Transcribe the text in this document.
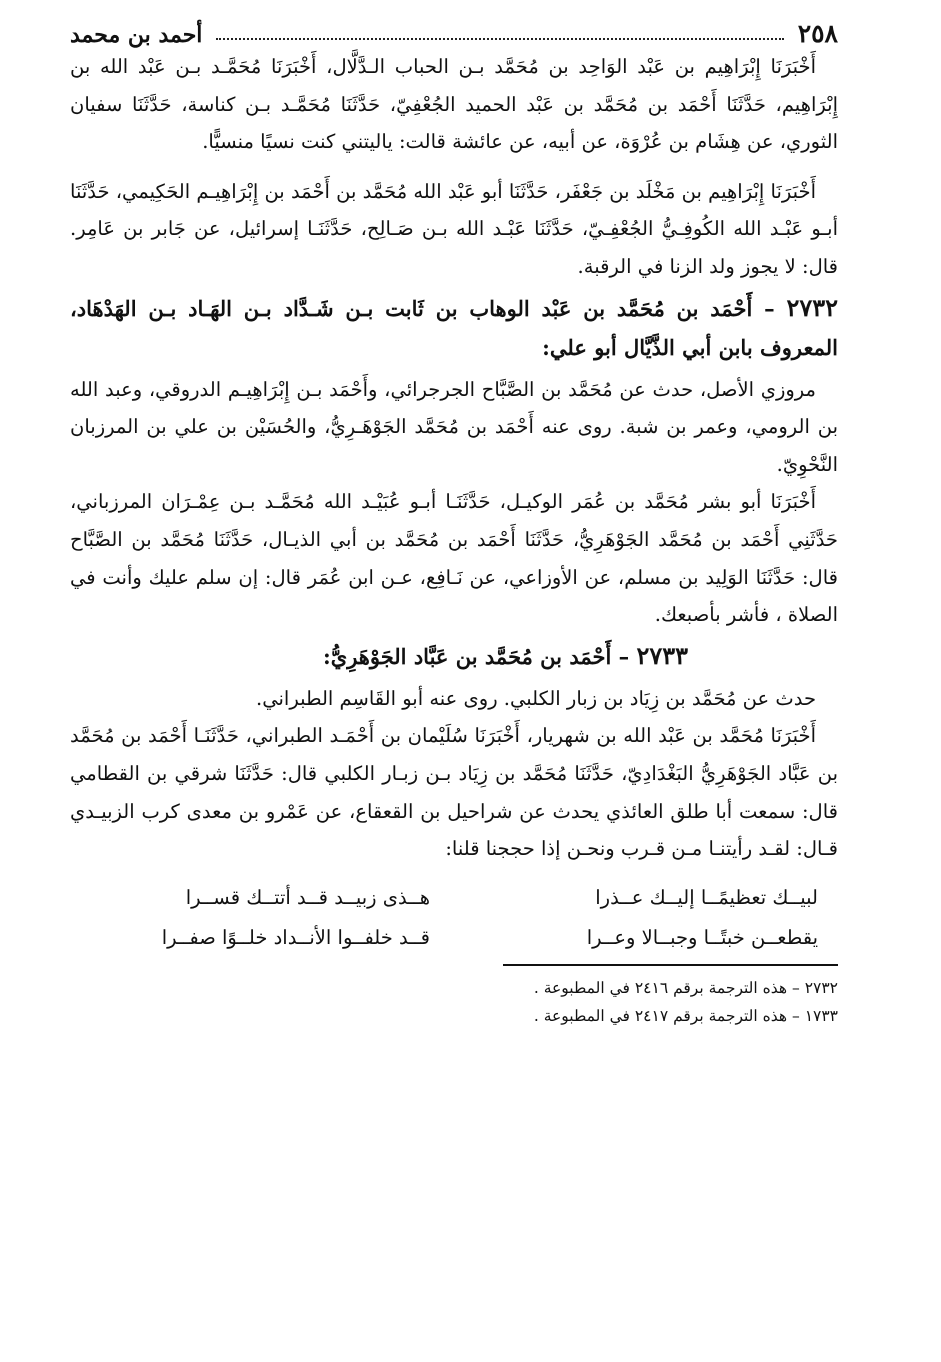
٢٥٨
أحمد بن محمد

أَخْبَرَنَا إِبْرَاهِيم بن عَبْد الوَاحِد بن مُحَمَّد بـن الحباب الـدَّلَّال، أَخْبَرَنَا مُحَمَّـد بـن عَبْد الله بن إِبْرَاهِيم، حَدَّثَنَا أَحْمَد بن مُحَمَّد بن عَبْد الحميد الجُعْفِيّ، حَدَّثَنَا مُحَمَّـد بـن كناسة، حَدَّثَنَا سفيان الثوري، عن هِشَام بن عُرْوَة، عن أبيه، عن عائشة قالت: ياليتني كنت نسيًا منسيًّا.

أَخْبَرَنَا إِبْرَاهِيم بن مَخْلَد بن جَعْفَر، حَدَّثَنَا أبو عَبْد الله مُحَمَّد بن أَحْمَد بن إِبْرَاهِيـم الحَكِيمي، حَدَّثَنَا أبـو عَبْـد الله الكُوفِـيُّ الجُعْفِـيّ، حَدَّثَنَا عَبْـد الله بـن صَـالِح، حَدَّثَنَـا إسرائيل، عن جَابر بن عَامِر. قال: لا يجوز ولد الزنا في الرقبة.

٢٧٣٢ – أَحْمَد بن مُحَمَّد بن عَبْد الوهاب بن ثَابت بـن شَـدَّاد بـن الهَـاد بـن الهَدْهَاد، المعروف بابن أبي الذَّيَّال أبو علي:

مروزي الأصل، حدث عن مُحَمَّد بن الصَّبَّاح الجرجرائي، وأَحْمَد بـن إِبْرَاهِيـم الدروقي، وعبد الله بن الرومي، وعمر بن شبة. روى عنه أَحْمَد بن مُحَمَّد الجَوْهَـرِيُّ، والحُسَيْن بن علي بن المرزبان النَّحْوِيّ.

أَخْبَرَنَا أبو بشر مُحَمَّد بن عُمَر الوكيـل، حَدَّثَنَـا أبـو عُبَيْـد الله مُحَمَّـد بـن عِمْـرَان المرزباني، حَدَّثَنِي أَحْمَد بن مُحَمَّد الجَوْهَرِيُّ، حَدَّثَنَا أَحْمَد بن مُحَمَّد بن أبي الذيـال، حَدَّثَنَا مُحَمَّد بن الصَّبَّاح قال: حَدَّثَنَا الوَلِيد بن مسلم، عن الأوزاعي، عن نَـافِع، عـن ابن عُمَر قال: إن سلم عليك وأنت في الصلاة ، فأشر بأصبعك.

٢٧٣٣ – أَحْمَد بن مُحَمَّد بن عَبَّاد الجَوْهَرِيُّ:

حدث عن مُحَمَّد بن زِيَاد بن زبار الكلبي. روى عنه أبو القَاسِم الطبراني.

أَخْبَرَنَا مُحَمَّد بن عَبْد الله بن شهريار، أَخْبَرَنَا سُلَيْمان بن أَحْمَـد الطبراني، حَدَّثَنَـا أَحْمَد بن مُحَمَّد بن عَبَّاد الجَوْهَرِيُّ البَغْدَادِيّ، حَدَّثَنَا مُحَمَّد بن زِيَاد بـن زبـار الكلبي قال: حَدَّثَنَا شرقي بن القطامي قال: سمعت أبا طلق العائذي يحدث عن شراحيل بن القعقاع، عن عَمْرو بن معدى كرب الزبيـدي قـال: لقـد رأيتنـا مـن قـرب ونحـن إذا حججنا قلنا:

لبيــك تعظيمًــا إليــك عــذرا
هــذى زبيــد قــد أتتــك قســرا
يقطعــن خبتًــا وجبــالا وعــرا
قــد خلفــوا الأنــداد خلــوًا صفــرا

٢٧٣٢ – هذه الترجمة برقم ٢٤١٦ في المطبوعة .

١٧٣٣ – هذه الترجمة برقم ٢٤١٧ في المطبوعة .
